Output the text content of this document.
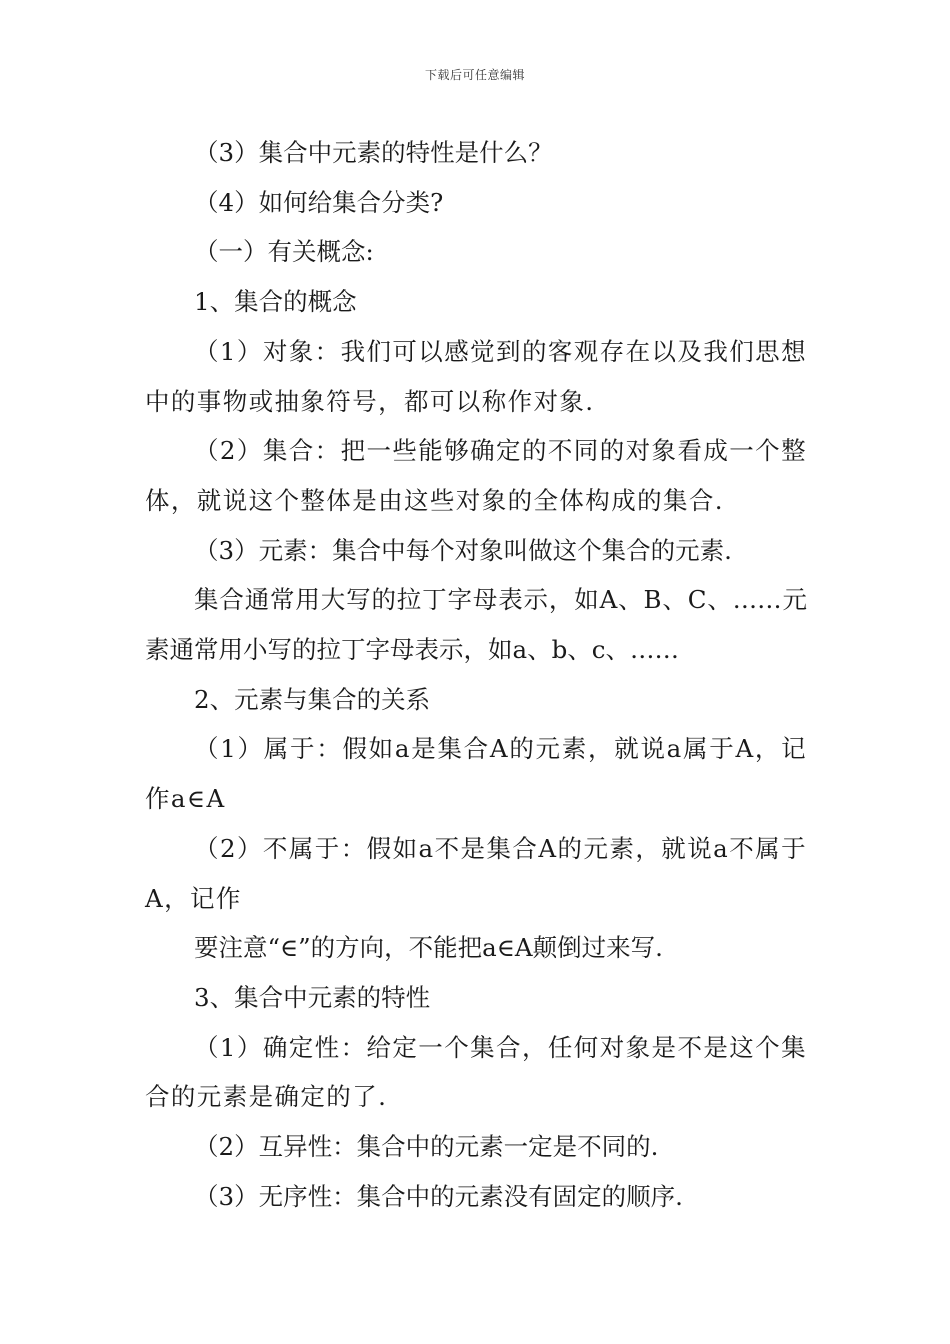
下载后可任意编辑

（3）集合中元素的特性是什么？

（4）如何给集合分类?

（一）有关概念:

1、集合的概念

（1）对象：我们可以感觉到的客观存在以及我们思想中的事物或抽象符号，都可以称作对象.

（2）集合：把一些能够确定的不同的对象看成一个整体，就说这个整体是由这些对象的全体构成的集合.

（3）元素：集合中每个对象叫做这个集合的元素.

集合通常用大写的拉丁字母表示，如A、B、C、……元素通常用小写的拉丁字母表示，如a、b、c、……

2、元素与集合的关系

（1）属于：假如a是集合A的元素，就说a属于A，记作a∈A

（2）不属于：假如a不是集合A的元素，就说a不属于A，记作

要注意“∈”的方向，不能把a∈A颠倒过来写.

3、集合中元素的特性

（1）确定性：给定一个集合，任何对象是不是这个集合的元素是确定的了.

（2）互异性：集合中的元素一定是不同的.

（3）无序性：集合中的元素没有固定的顺序.
